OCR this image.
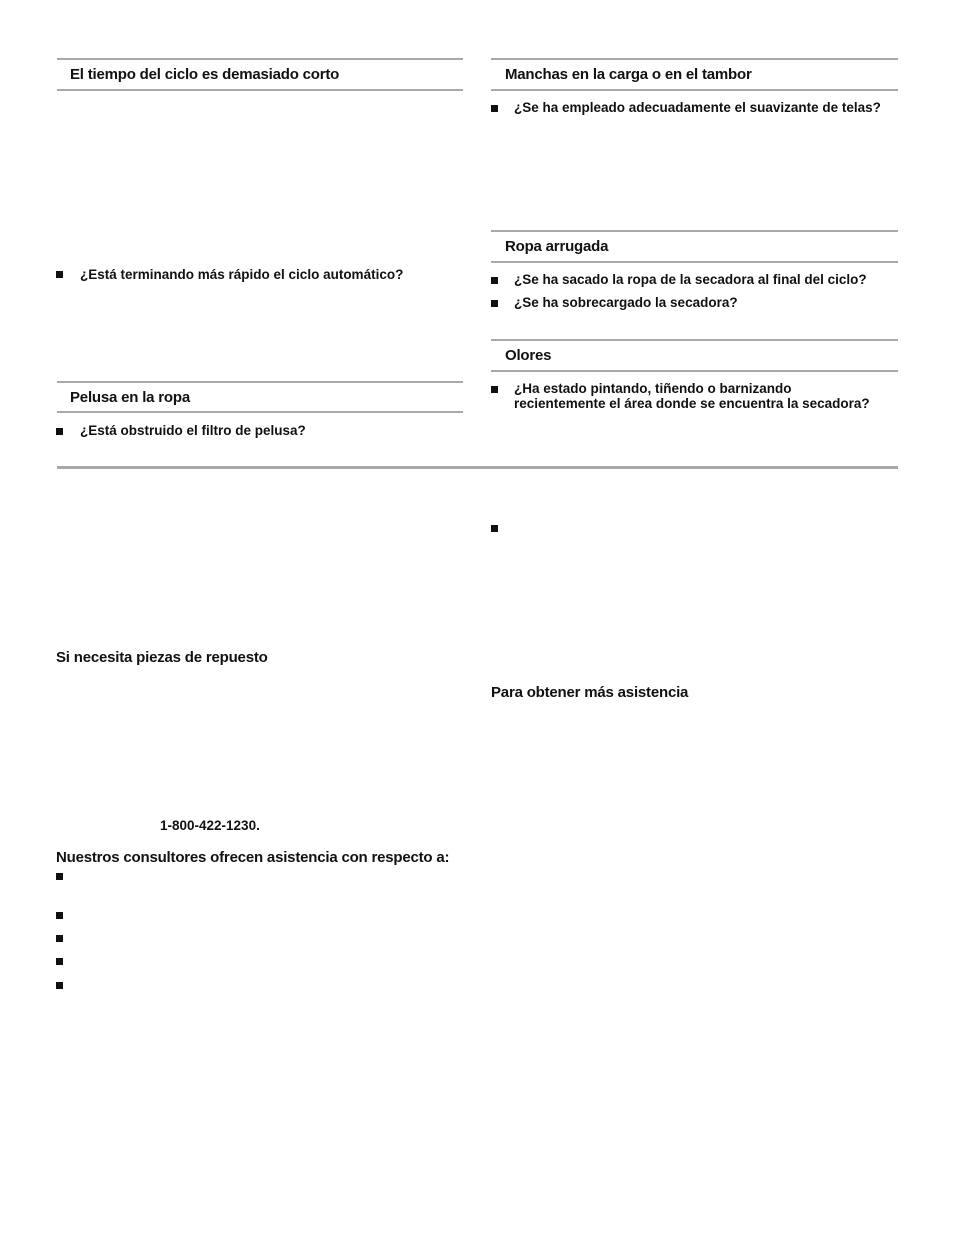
El tiempo del ciclo es demasiado corto
¿Está terminando más rápido el ciclo automático?
Pelusa en la ropa
¿Está obstruido el filtro de pelusa?
Manchas en la carga o en el tambor
¿Se ha empleado adecuadamente el suavizante de telas?
Ropa arrugada
¿Se ha sacado la ropa de la secadora al final del ciclo?
¿Se ha sobrecargado la secadora?
Olores
¿Ha estado pintando, tiñendo o barnizando
recientemente el área donde se encuentra la secadora?
Si necesita piezas de repuesto
1-800-422-1230.
Nuestros consultores ofrecen asistencia con respecto a:
Para obtener más asistencia
